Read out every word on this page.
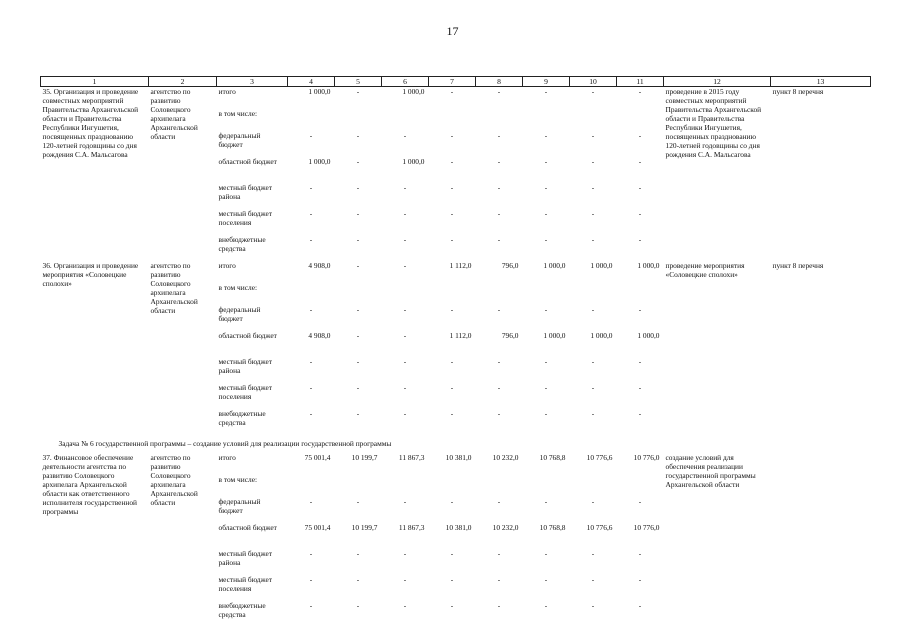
17
1	2	3	4	5	6	7	8	9	10	11	12	13
35. Организация и проведение совместных мероприятий Правительства Архангельской области и Правительства Республики Ингушетия, посвященных празднованию 120-летней годовщины со дня рождения С.А. Мальсагова	агентство по развитию Соловецкого архипелага Архангельской области	итого	1 000,0	-	1 000,0	-	-	-	-	-	проведение в 2015 году совместных мероприятий Правительства Архангельской области и Правительства Республики Ингушетия, посвященных празднованию 120-летней годовщины со дня рождения С.А. Мальсагова	пункт 8 перечня
		в том числе:										
		федеральный бюджет	-	-	-	-	-	-	-	-		
		областной бюджет	1 000,0	-	1 000,0	-	-	-	-	-		
		местный бюджет района	-	-	-	-	-	-	-	-		
		местный бюджет поселения	-	-	-	-	-	-	-	-		
		внебюджетные средства	-	-	-	-	-	-	-	-		
36. Организация и проведение мероприятия «Соловецкие сполохи»	агентство по развитию Соловецкого архипелага Архангельской области	итого	4 908,0	-	-	1 112,0	796,0	1 000,0	1 000,0	1 000,0	проведение мероприятия «Соловецкие сполохи»	пункт 8 перечня
		в том числе:										
		федеральный бюджет	-	-	-	-	-	-	-	-		
		областной бюджет	4 908,0	-	-	1 112,0	796,0	1 000,0	1 000,0	1 000,0		
		местный бюджет района	-	-	-	-	-	-	-	-		
		местный бюджет поселения	-	-	-	-	-	-	-	-		
		внебюджетные средства	-	-	-	-	-	-	-	-		
Задача № 6 государственной программы – создание условий для реализации государственной программы												
37. Финансовое обеспечение деятельности агентства по развитию Соловецкого архипелага Архангельской области как ответственного исполнителя государственной программы	агентство по развитию Соловецкого архипелага Архангельской области	итого	75 001,4	10 199,7	11 867,3	10 381,0	10 232,0	10 768,8	10 776,6	10 776,0	создание условий для обеспечения реализации государственной программы Архангельской области	
		в том числе:										
		федеральный бюджет	-	-	-	-	-	-	-	-		
		областной бюджет	75 001,4	10 199,7	11 867,3	10 381,0	10 232,0	10 768,8	10 776,6	10 776,0		
		местный бюджет района	-	-	-	-	-	-	-	-		
		местный бюджет поселения	-	-	-	-	-	-	-	-		
		внебюджетные средства	-	-	-	-	-	-	-	-		
